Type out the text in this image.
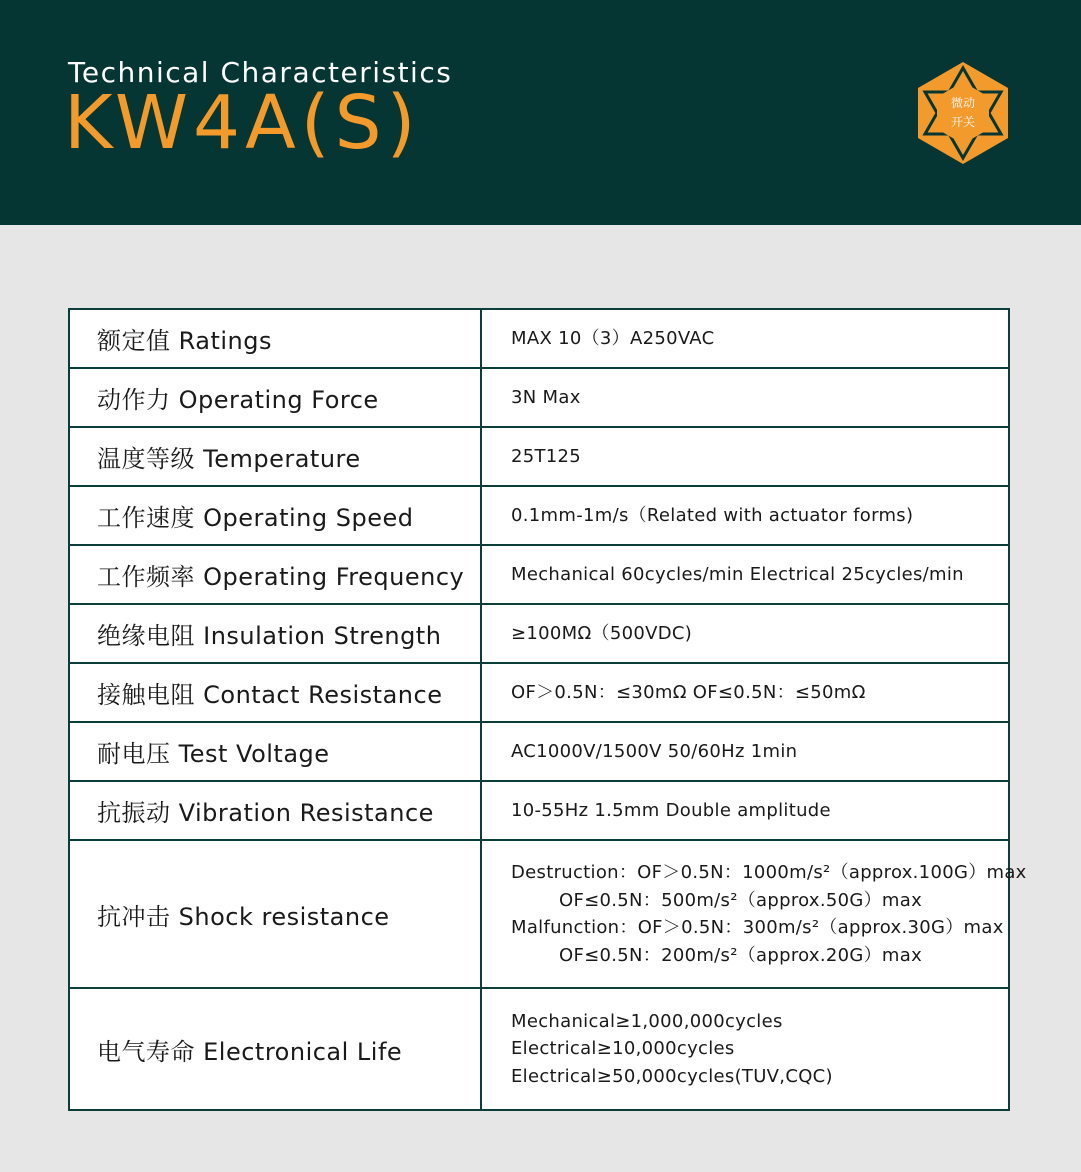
Technical Characteristics
KW4A(S)	微动
开关
额定值 Ratings	MAX 10（3）A250VAC

动作力 Operating Force	3N Max

温度等级 Temperature	25T125

工作速度 Operating Speed	0.1mm-1m/s（Related with actuator forms)

工作频率 Operating Frequency	Mechanical 60cycles/min Electrical 25cycles/min

绝缘电阻 Insulation Strength	≥100MΩ（500VDC)

接触电阻 Contact Resistance	OF＞0.5N：≤30mΩ OF≤0.5N：≤50mΩ

耐电压 Test Voltage	AC1000V/1500V 50/60Hz 1min

抗振动 Vibration Resistance	10-55Hz 1.5mm Double amplitude

抗冲击 Shock resistance	Destruction：OF＞0.5N：1000m/s²（approx.100G）max
OF≤0.5N：500m/s²（approx.50G）max
Malfunction：OF＞0.5N：300m/s²（approx.30G）max
OF≤0.5N：200m/s²（approx.20G）max

电气寿命 Electronical Life	Mechanical≥1,000,000cycles
Electrical≥10,000cycles
Electrical≥50,000cycles(TUV,CQC)
